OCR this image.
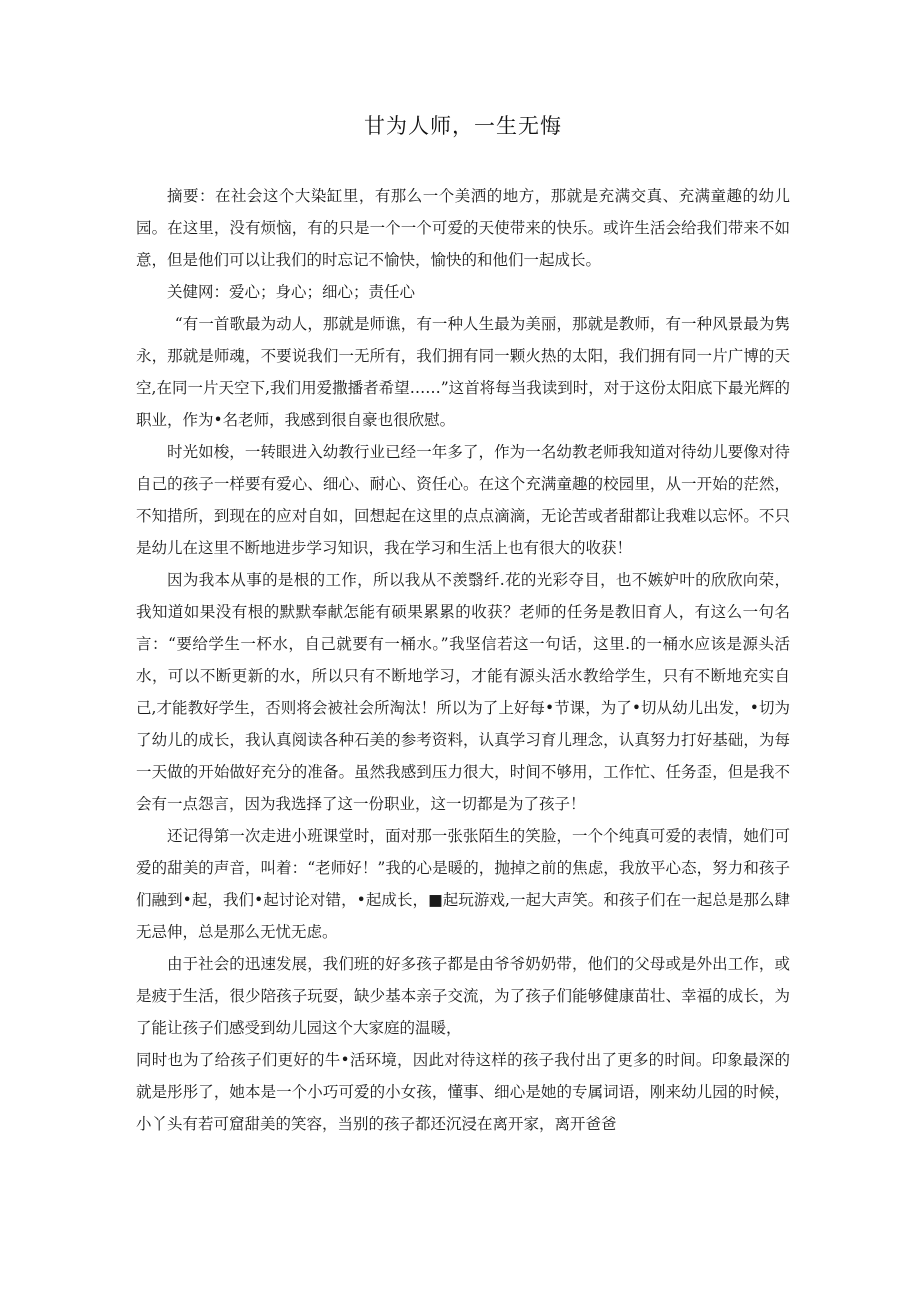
甘为人师，一生无悔

摘要：在社会这个大染缸里，有那么一个美洒的地方，那就是充满交真、充满童趣的幼儿园。在这里，没有烦恼，有的只是一个一个可爱的天使带来的快乐。或许生活会给我们带来不如意，但是他们可以让我们的时忘记不愉快，愉快的和他们一起成长。

关健网：爱心；身心；细心；责任心

“有一首歌最为动人，那就是师谯，有一种人生最为美丽，那就是教师，有一种风景最为隽永，那就是师魂，不要说我们一无所有，我们拥有同一颗火热的太阳，我们拥有同一片广博的天空,在同一片天空下,我们用爱撒播者希望……”这首将每当我读到时，对于这份太阳底下最光辉的职业，作为•名老师，我感到很自豪也很欣慰。

时光如梭，一转眼进入幼教行业已经一年多了，作为一名幼教老师我知道对待幼儿要像对待自己的孩子一样要有爱心、细心、耐心、资任心。在这个充满童趣的校园里，从一开始的茫然，不知措所，到现在的应对自如，回想起在这里的点点滴滴，无论苦或者甜都让我难以忘怀。不只是幼儿在这里不断地进步学习知识，我在学习和生活上也有很大的收获！

因为我本从事的是根的工作，所以我从不羡翳纤.花的光彩夺目，也不嫉妒叶的欣欣向荣，我知道如果没有根的默默奉献怎能有硕果累累的收获？老师的任务是教旧育人，有这么一句名言：“要给学生一杯水，自己就要有一桶水。”我坚信若这一句话，这里.的一桶水应该是源头活水，可以不断更新的水，所以只有不断地学习，才能有源头活水教给学生，只有不断地充实自己,才能教好学生，否则将会被社会所淘汰！所以为了上好每•节课，为了•切从幼儿出发，•切为了幼儿的成长，我认真阅读各种石美的参考资料，认真学习育儿理念，认真努力打好基础，为每一天做的开始做好充分的准备。虽然我感到压力很大，时间不够用，工作忙、任务歪，但是我不会有一点怨言，因为我选择了这一份职业，这一切都是为了孩子！

还记得第一次走进小班课堂时，面对那一张张陌生的笑脸，一个个纯真可爱的表情，她们可爱的甜美的声音，叫着：“老师好！”我的心是暖的，抛掉之前的焦虑，我放平心态，努力和孩子们融到•起，我们•起讨论对错，•起成长，■起玩游戏,一起大声笑。和孩子们在一起总是那么肆无忌伸，总是那么无忧无虑。

由于社会的迅速发展，我们班的好多孩子都是由爷爷奶奶带，他们的父母或是外出工作，或是疲于生活，很少陪孩子玩耍，缺少基本亲子交流，为了孩子们能够健康苗壮、幸福的成长，为了能让孩子们感受到幼儿园这个大家庭的温暖，

同时也为了给孩子们更好的牛•活环境，因此对待这样的孩子我付出了更多的时间。印象最深的就是彤彤了，她本是一个小巧可爱的小女孩，懂事、细心是她的专属词语，刚来幼儿园的时候，小丫头有若可窟甜美的笑容，当别的孩子都还沉浸在离开家，离开爸爸
